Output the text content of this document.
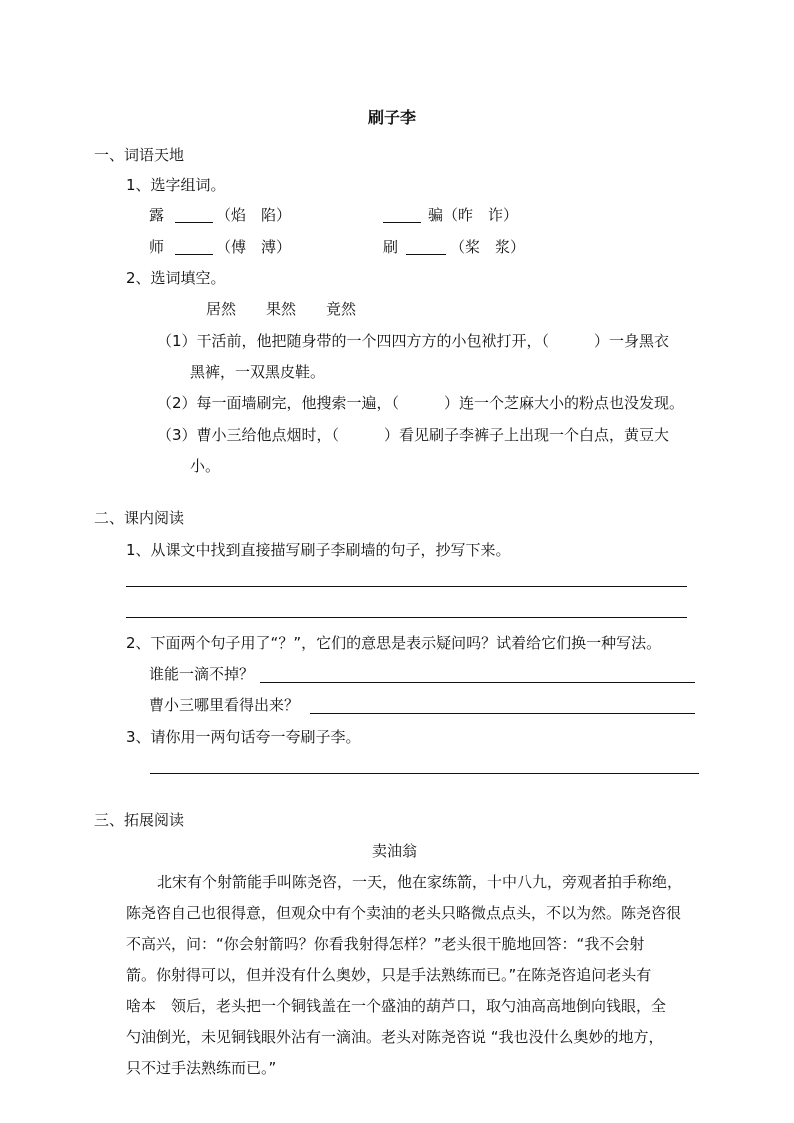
刷子李
一、词语天地
1、选字组词。
露	（焰　陷）	骗（昨　诈）
师	（傅　溥）	刷	（桨　浆）
2、选词填空。
居然　　果然　　竟然
（1）干活前，他把随身带的一个四四方方的小包袱打开，（　　　）一身黑衣
黑裤，一双黑皮鞋。
（2）每一面墙刷完，他搜索一遍，（　　　）连一个芝麻大小的粉点也没发现。
（3）曹小三给他点烟时，（　　　）看见刷子李裤子上出现一个白点，黄豆大
小。
二、课内阅读
1、从课文中找到直接描写刷子李刷墙的句子，抄写下来。
2、下面两个句子用了“？”，它们的意思是表示疑问吗？试着给它们换一种写法。
谁能一滴不掉？
曹小三哪里看得出来？
3、请你用一两句话夸一夸刷子李。
三、拓展阅读
卖油翁
北宋有个射箭能手叫陈尧咨，一天，他在家练箭，十中八九，旁观者拍手称绝，
陈尧咨自己也很得意，但观众中有个卖油的老头只略微点点头，不以为然。陈尧咨很
不高兴，问：“你会射箭吗？你看我射得怎样？”老头很干脆地回答：“我不会射
箭。你射得可以，但并没有什么奥妙，只是手法熟练而已。”在陈尧咨追问老头有
啥本　领后，老头把一个铜钱盖在一个盛油的葫芦口，取勺油高高地倒向钱眼，全
勺油倒光，未见铜钱眼外沾有一滴油。老头对陈尧咨说 “我也没什么奥妙的地方，
只不过手法熟练而已。”
